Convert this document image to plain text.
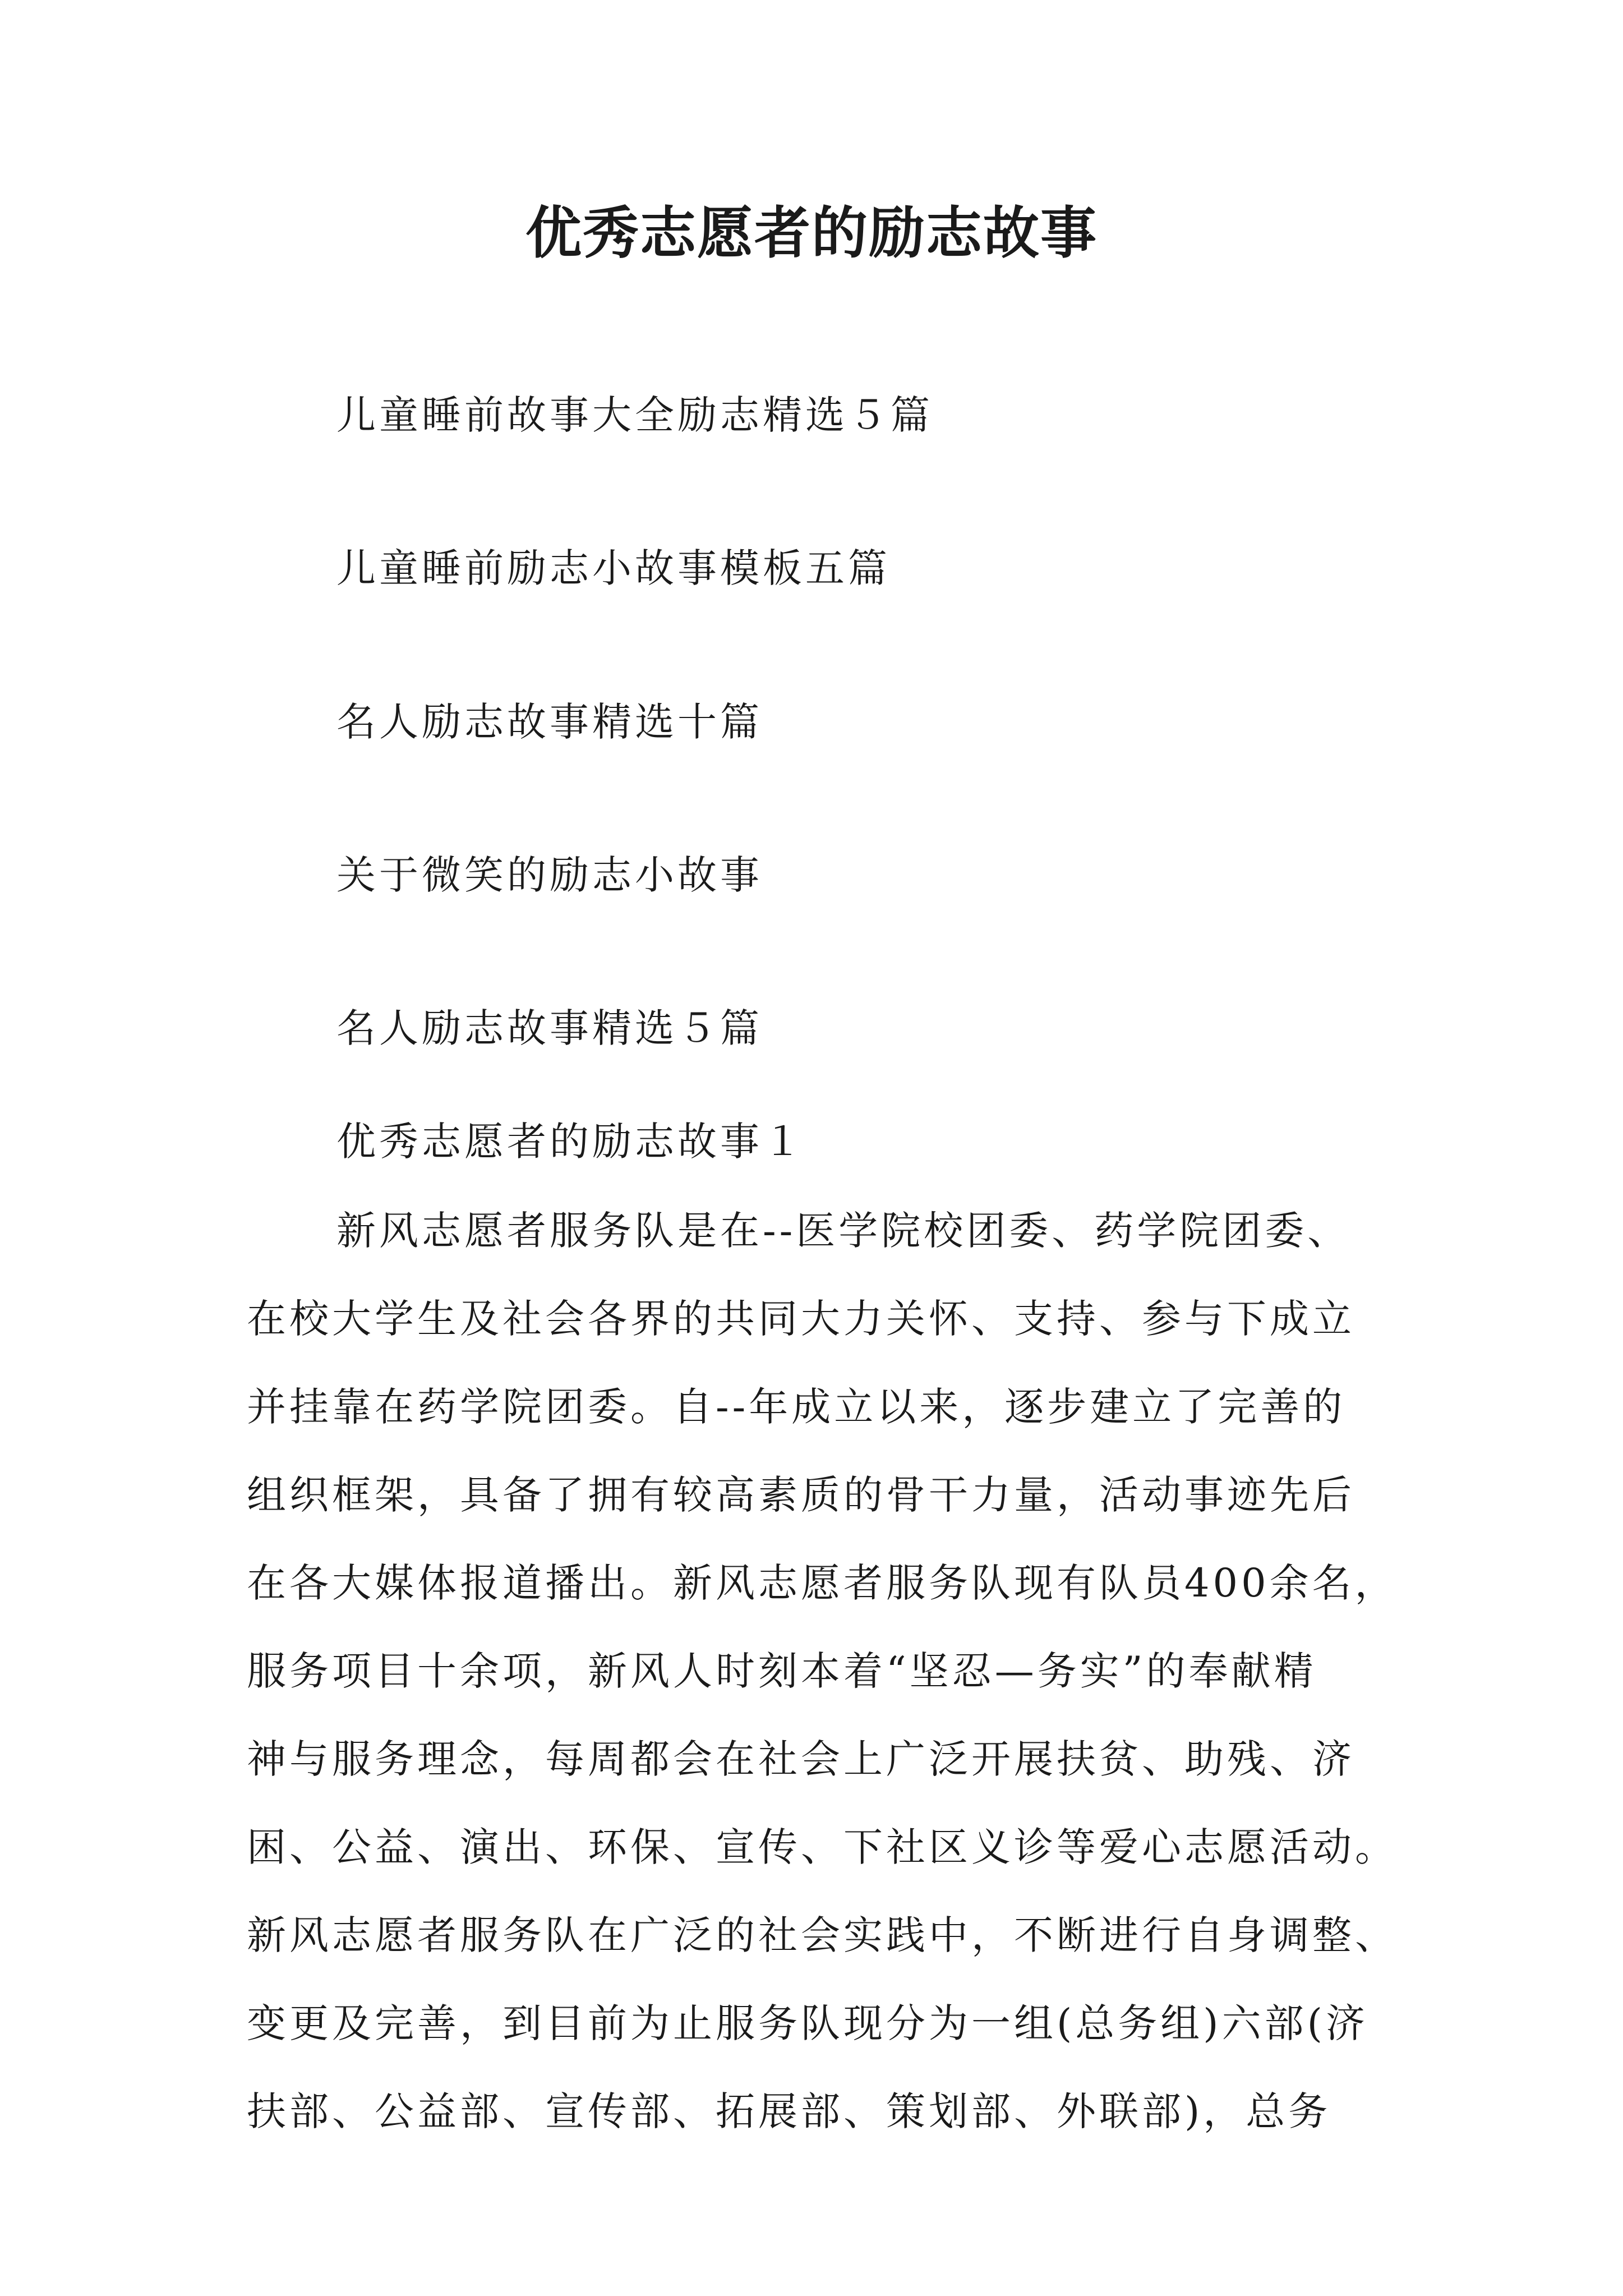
优秀志愿者的励志故事

儿童睡前故事大全励志精选５篇

儿童睡前励志小故事模板五篇

名人励志故事精选十篇

关于微笑的励志小故事

名人励志故事精选５篇

优秀志愿者的励志故事１

新风志愿者服务队是在--医学院校团委、药学院团委、

在校大学生及社会各界的共同大力关怀、支持、参与下成立

并挂靠在药学院团委。自--年成立以来，逐步建立了完善的

组织框架，具备了拥有较高素质的骨干力量，活动事迹先后

在各大媒体报道播出。新风志愿者服务队现有队员400余名，

服务项目十余项，新风人时刻本着“坚忍—务实”的奉献精

神与服务理念，每周都会在社会上广泛开展扶贫、助残、济

困、公益、演出、环保、宣传、下社区义诊等爱心志愿活动。

新风志愿者服务队在广泛的社会实践中，不断进行自身调整、

变更及完善，到目前为止服务队现分为一组(总务组)六部(济

扶部、公益部、宣传部、拓展部、策划部、外联部)，总务
